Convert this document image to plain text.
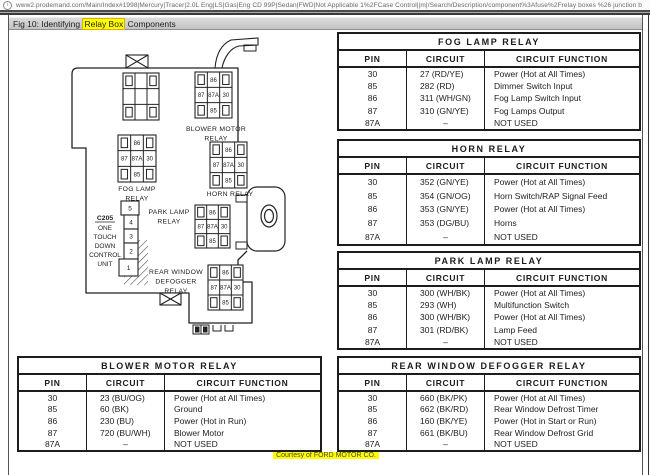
i	www2.prodemand.com/Main/Index#1998|Mercury|Tracer|2.0L Eng|LS|Gas|Eng CD 99P|Sedan|FWD|Not Applicable 1%2FCase Control||m|/Search/Description/component%3Afuse%2Frelay boxes %26 junction b
Fig 10: Identifying Relay Box Components
5
4
3
2
1
C205
ONE
TOUCH
DOWN
CONTROL
UNIT
86
87 87A 30
85
BLOWER MOTOR
RELAY
86
87 87A 30
85
FOG LAMP
RELAY
86
87 87A 30
85
HORN RELAY
86
87 87A 30
85
PARK LAMP
RELAY
86
87 87A 30
85
REAR WINDOW
DEFOGGER
RELAY
FOG LAMP RELAY
PIN	CIRCUIT	CIRCUIT FUNCTION
30	27 (RD/YE)	Power (Hot at All Times)
85	282 (RD)	Dimmer Switch Input
86	311 (WH/GN)	Fog Lamp Switch Input
87	310 (GN/YE)	Fog Lamps Output
87A	–	NOT USED
HORN RELAY
PIN	CIRCUIT	CIRCUIT FUNCTION
30	352 (GN/YE)	Power (Hot at All Times)
85	354 (GN/OG)	Horn Switch/RAP Signal Feed
86	353 (GN/YE)	Power (Hot at All Times)
87	353 (DG/BU)	Horns
87A	–	NOT USED
PARK LAMP RELAY
PIN	CIRCUIT	CIRCUIT FUNCTION
30	300 (WH/BK)	Power (Hot at All Times)
85	293 (WH)	Multifunction Switch
86	300 (WH/BK)	Power (Hot at All Times)
87	301 (RD/BK)	Lamp Feed
87A	–	NOT USED
BLOWER MOTOR RELAY
PIN	CIRCUIT	CIRCUIT FUNCTION
30	23 (BU/OG)	Power (Hot at All Times)
85	60 (BK)	Ground
86	230 (BU)	Power (Hot in Run)
87	720 (BU/WH)	Blower Motor
87A	–	NOT USED
REAR WINDOW DEFOGGER RELAY
PIN	CIRCUIT	CIRCUIT FUNCTION
30	660 (BK/PK)	Power (Hot at All Times)
85	662 (BK/RD)	Rear Window Defrost Timer
86	160 (BK/YE)	Power (Hot in Start or Run)
87	661 (BK/BU)	Rear Window Defrost Grid
87A	–	NOT USED
Courtesy of FORD MOTOR CO.
